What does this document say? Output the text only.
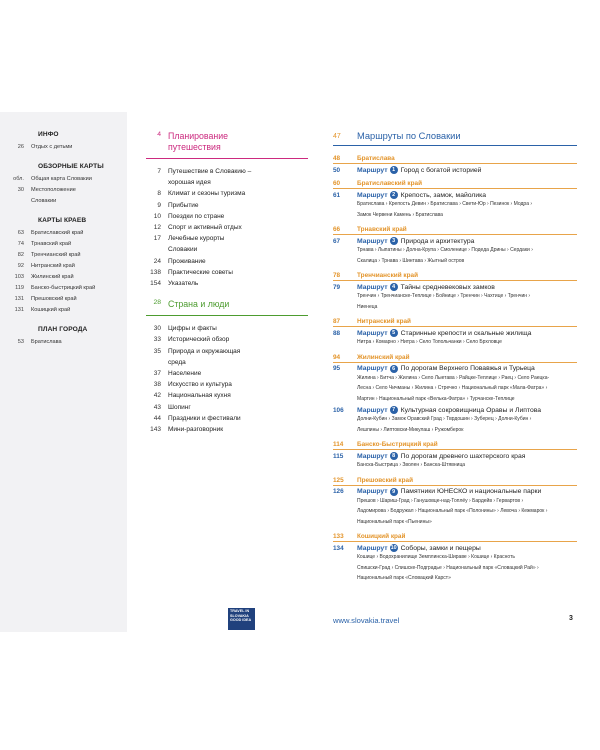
ИНФО
26	Отдых с детьми
ОБЗОРНЫЕ КАРТЫ
обл.	Общая карта Словакии
30	Местоположение
Словакии
КАРТЫ КРАЕВ
63	Братиславский край
74	Трнавский край
82	Тренчианский край
92	Нитранский край
103	Жилинский край
119	Банско-быстрицкий край
131	Прешовский край
131	Кошицкий край
ПЛАН ГОРОДА
53	Братислава
4 Планирование
путешествия
7	Путешествие в Словакию –
хорошая идея
8	Климат и сезоны туризма
9	Прибытие
10	Поездки по стране
12	Спорт и активный отдых
17	Лечебные курорты
Словакии
24	Проживание
138	Практические советы
154	Указатель
28 Страна и люди
30	Цифры и факты
33	Исторический обзор
35	Природа и окружающая
среда
37	Население
38	Искусство и культура
42	Национальная кухня
43	Шопинг
44	Праздники и фестивали
143	Мини-разговорник
47	Маршруты по Словакии
48	Братислава
50	Маршрут 1 Город с богатой историей
60	Братиславский край
61	Маршрут 2 Крепость, замок, майолика
Братислава › Крепость Девин › Братислава › Свети-Юр › Пезинок › Модра ›
Замок Червени Камень › Братислава
66	Трнавский край
67	Маршрут 3 Природа и архитектура
Трнава › Лыпатины › Долна-Крупа › Смоленице › Подеда Дрины › Сердаки ›
Скалица › Трнава › Шинтава › Жытный остров
78	Тренчианский край
79	Маршрут 4 Тайны средневековых замков
Тренчин › Тренчианске-Теплице › Бойнице › Тренчин › Чахтице › Тренчин ›
Ниенеца
87	Нитранский край
88	Маршрут 5 Старинные крепости и скальные жилища
Нитра › Комарно › Нитра › Село Топольчанки › Село Брхловце
94	Жилинский край
95	Маршрут 6 По дорогам Верхнего Повавжья и Турьеца
Жилина › Битча › Жилина › Село Лыетава › Райцке-Теплице › Раец › Село Раецка-
Лесна › Село Чичманы › Жилина › Стречно › Национальный парк «Мала-Фатра» ›
Мартин › Национальный парк «Велька-Фатра» › Турчанске-Теплице
106	Маршрут 7 Культурная сокровищница Оравы и Липтова
Долни-Кубин › Замок Оравский Град › Тврдошин › Зуберец › Долни-Кубин ›
Лешпины › Липтовски-Микулаш › Ружомберок
114	Банско-Быстрицкий край
115	Маршрут 8 По дорогам древнего шахтерского края
Банска-Быстрица › Зволен › Банска-Штявница
125	Прешовский край
126	Маршрут 9 Памятники ЮНЕСКО и национальные парки
Прешов › Шариш-Град › Ганушовце-над-Топлёу › Бардейв › Гервартов ›
Ладомирова › Бодружал › Национальный парк «Полонины» › Левоча › Кежмарок ›
Национальный парк «Пьенины»
133	Кошицкий край
134	Маршрут 10 Соборы, замки и пещеры
Кошице › Водохранилище Земплинска-Шираве › Кошице › Красноть
Спишски-Град › Спишске-Подградье › Национальный парк «Словацкий Рай» ›
Национальный парк «Словацкий Карст»
TRAVEL IN
SLOVAKIA
GOOD IDEA	www.slovakia.travel	3
